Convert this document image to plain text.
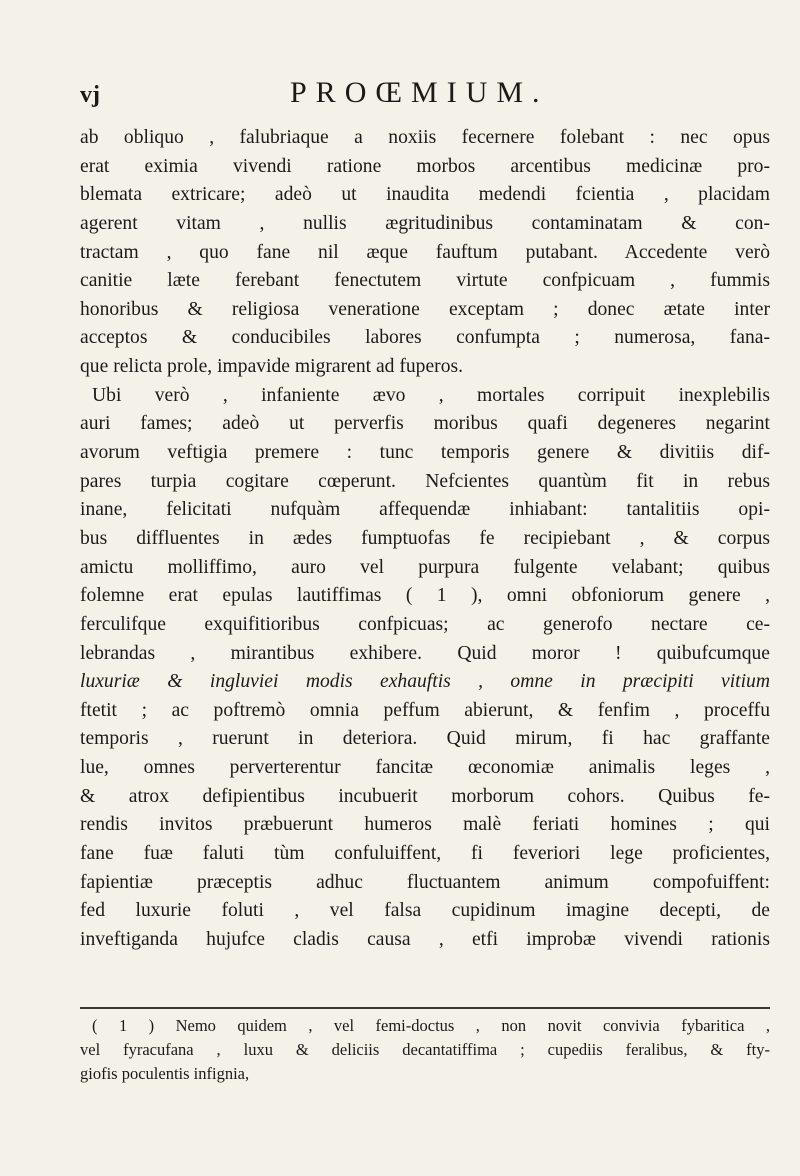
vj	PROŒMIUM.
ab obliquo , falubriaque a noxiis fecernere folebant : nec opus
erat eximia vivendi ratione morbos arcentibus medicinæ pro-
blemata extricare; adeò ut inaudita medendi fcientia , placidam
agerent vitam , nullis ægritudinibus contaminatam & con-
tractam , quo fane nil æque fauftum putabant. Accedente verò
canitie læte ferebant fenectutem virtute confpicuam , fummis
honoribus & religiosa veneratione exceptam ; donec ætate inter
acceptos & conducibiles labores confumpta ; numerosa, fana-
que relicta prole, impavide migrarent ad fuperos.
Ubi verò , infaniente ævo , mortales corripuit inexplebilis
auri fames; adeò ut perverfis moribus quafi degeneres negarint
avorum veftigia premere : tunc temporis genere & divitiis dif-
pares turpia cogitare cœperunt. Nefcientes quantùm fit in rebus
inane, felicitati nufquàm affequendæ inhiabant: tantalitiis opi-
bus diffluentes in ædes fumptuofas fe recipiebant , & corpus
amictu molliffimo, auro vel purpura fulgente velabant; quibus
folemne erat epulas lautiffimas ( 1 ), omni obfoniorum genere ,
ferculifque exquifitioribus confpicuas; ac generofo nectare ce-
lebrandas , mirantibus exhibere. Quid moror ! quibufcumque
luxuriæ & ingluviei modis exhauftis , omne in præcipiti vitium
ftetit ; ac poftremò omnia peffum abierunt, & fenfim , proceffu
temporis , ruerunt in deteriora. Quid mirum, fi hac graffante
lue, omnes perverterentur fancitæ œconomiæ animalis leges ,
& atrox defipientibus incubuerit morborum cohors. Quibus fe-
rendis invitos præbuerunt humeros malè feriati homines ; qui
fane fuæ faluti tùm confuluiffent, fi feveriori lege proficientes,
fapientiæ præceptis adhuc fluctuantem animum compofuiffent:
fed luxurie foluti , vel falsa cupidinum imagine decepti, de
inveftiganda hujufce cladis causa , etfi improbæ vivendi rationis
( 1 ) Nemo quidem , vel femi-doctus , non novit convivia fybaritica ,
vel fyracufana , luxu & deliciis decantatiffima ; cupediis feralibus, & fty-
giofis poculentis infignia,
